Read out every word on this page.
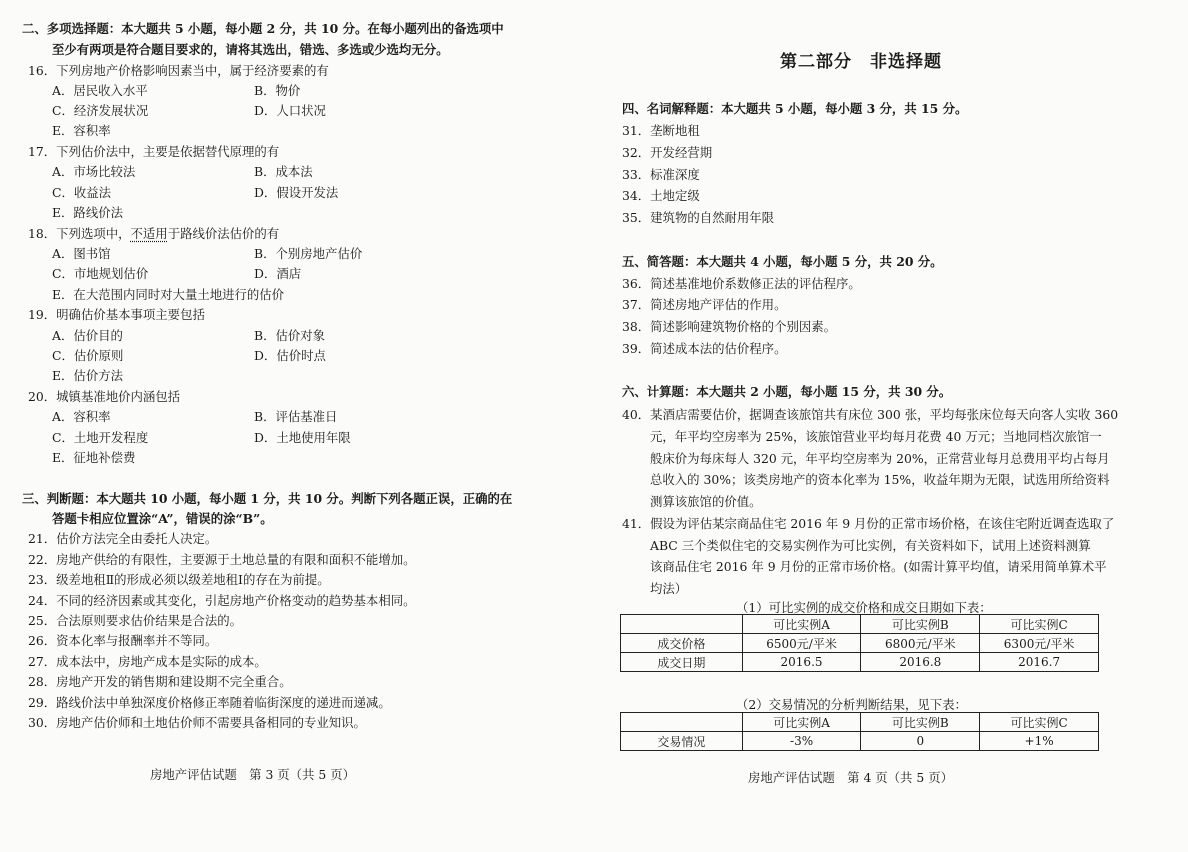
二、多项选择题：本大题共 5 小题，每小题 2 分，共 10 分。在每小题列出的备选项中
至少有两项是符合题目要求的，请将其选出，错选、多选或少选均无分。
16．下列房地产价格影响因素当中，属于经济要素的有
A．居民收入水平	B．物价
C．经济发展状况	D．人口状况
E．容积率
17．下列估价法中，主要是依据替代原理的有
A．市场比较法	B．成本法
C．收益法	D．假设开发法
E．路线价法
18．下列选项中，不适用于路线价法估价的有
A．图书馆	B．个别房地产估价
C．市地规划估价	D．酒店
E．在大范围内同时对大量土地进行的估价
19．明确估价基本事项主要包括
A．估价目的	B．估价对象
C．估价原则	D．估价时点
E．估价方法
20．城镇基准地价内涵包括
A．容积率	B．评估基准日
C．土地开发程度	D．土地使用年限
E．征地补偿费
三、判断题：本大题共 10 小题，每小题 1 分，共 10 分。判断下列各题正误，正确的在
答题卡相应位置涂“A”，错误的涂“B”。
21．估价方法完全由委托人决定。
22．房地产供给的有限性，主要源于土地总量的有限和面积不能增加。
23．级差地租Ⅱ的形成必须以级差地租Ⅰ的存在为前提。
24．不同的经济因素或其变化，引起房地产价格变动的趋势基本相同。
25．合法原则要求估价结果是合法的。
26．资本化率与报酬率并不等同。
27．成本法中，房地产成本是实际的成本。
28．房地产开发的销售期和建设期不完全重合。
29．路线价法中单独深度价格修正率随着临街深度的递进而递减。
30．房地产估价师和土地估价师不需要具备相同的专业知识。
房地产评估试题　第 3 页（共 5 页）
第二部分　非选择题
四、名词解释题：本大题共 5 小题，每小题 3 分，共 15 分。
31．垄断地租
32．开发经营期
33．标准深度
34．土地定级
35．建筑物的自然耐用年限
五、简答题：本大题共 4 小题，每小题 5 分，共 20 分。
36．简述基准地价系数修正法的评估程序。
37．简述房地产评估的作用。
38．简述影响建筑物价格的个别因素。
39．简述成本法的估价程序。
六、计算题：本大题共 2 小题，每小题 15 分，共 30 分。
40．某酒店需要估价，据调查该旅馆共有床位 300 张，平均每张床位每天向客人实收 360
元，年平均空房率为 25%，该旅馆营业平均每月花费 40 万元；当地同档次旅馆一
般床价为每床每人 320 元，年平均空房率为 20%，正常营业每月总费用平均占每月
总收入的 30%；该类房地产的资本化率为 15%，收益年期为无限，试选用所给资料
测算该旅馆的价值。
41．假设为评估某宗商品住宅 2016 年 9 月份的正常市场价格，在该住宅附近调查选取了
ABC 三个类似住宅的交易实例作为可比实例，有关资料如下，试用上述资料测算
该商品住宅 2016 年 9 月份的正常市场价格。(如需计算平均值，请采用简单算术平
均法）
（1）可比实例的成交价格和成交日期如下表：
	可比实例A	可比实例B	可比实例C
成交价格	6500元/平米	6800元/平米	6300元/平米
成交日期	2016.5	2016.8	2016.7
（2）交易情况的分析判断结果，见下表：
	可比实例A	可比实例B	可比实例C
交易情况	-3%	0	+1%
房地产评估试题　第 4 页（共 5 页）
